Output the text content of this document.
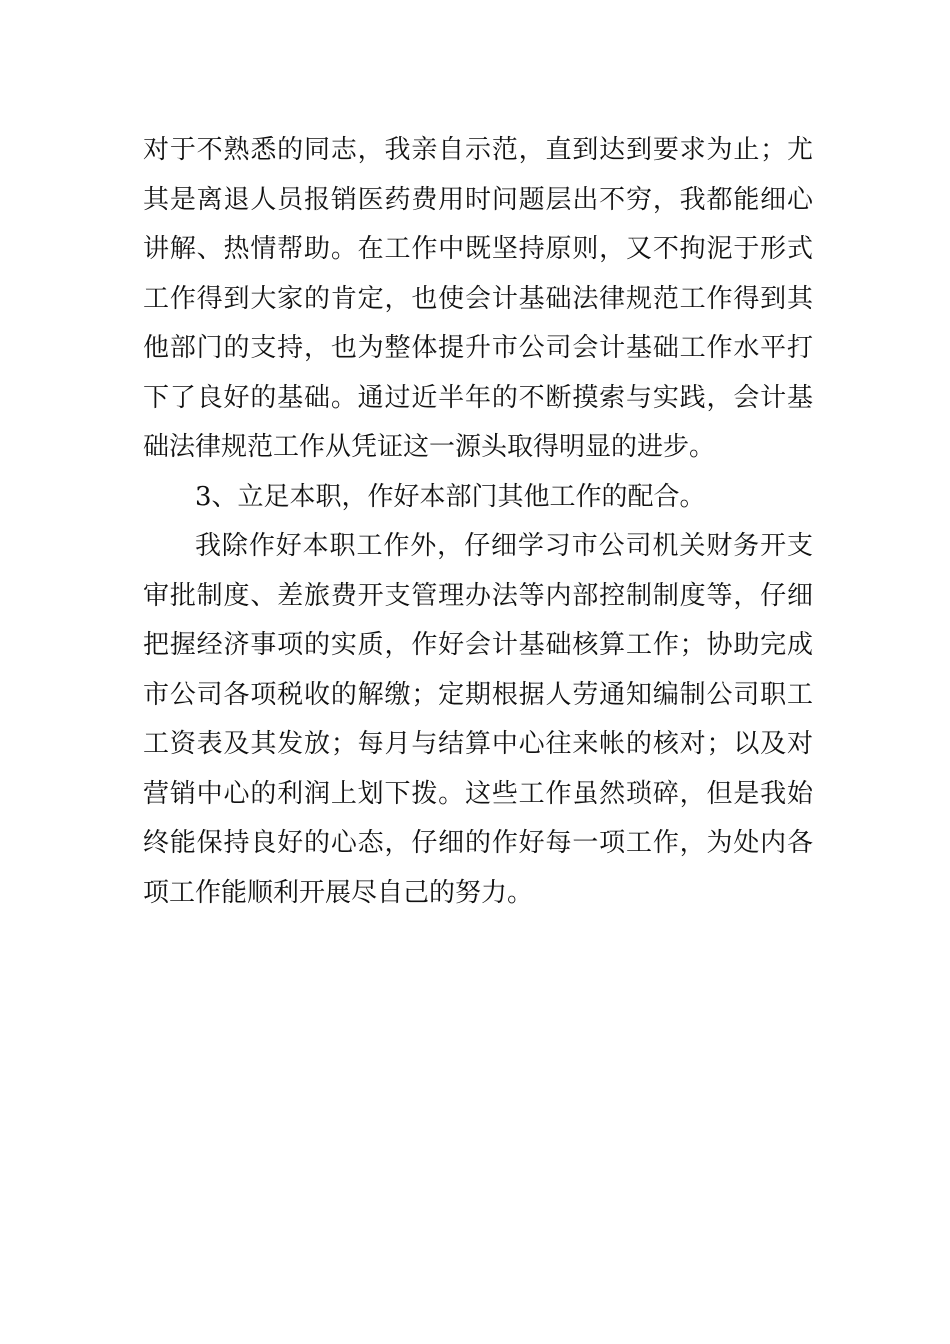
对于不熟悉的同志，我亲自示范，直到达到要求为止；尤
其是离退人员报销医药费用时问题层出不穷，我都能细心
讲解、热情帮助。在工作中既坚持原则，又不拘泥于形式
工作得到大家的肯定，也使会计基础法律规范工作得到其
他部门的支持，也为整体提升市公司会计基础工作水平打
下了良好的基础。通过近半年的不断摸索与实践，会计基
础法律规范工作从凭证这一源头取得明显的进步。
3、立足本职，作好本部门其他工作的配合。
我除作好本职工作外，仔细学习市公司机关财务开支
审批制度、差旅费开支管理办法等内部控制制度等，仔细
把握经济事项的实质，作好会计基础核算工作；协助完成
市公司各项税收的解缴；定期根据人劳通知编制公司职工
工资表及其发放；每月与结算中心往来帐的核对；以及对
营销中心的利润上划下拨。这些工作虽然琐碎，但是我始
终能保持良好的心态，仔细的作好每一项工作，为处内各
项工作能顺利开展尽自己的努力。
